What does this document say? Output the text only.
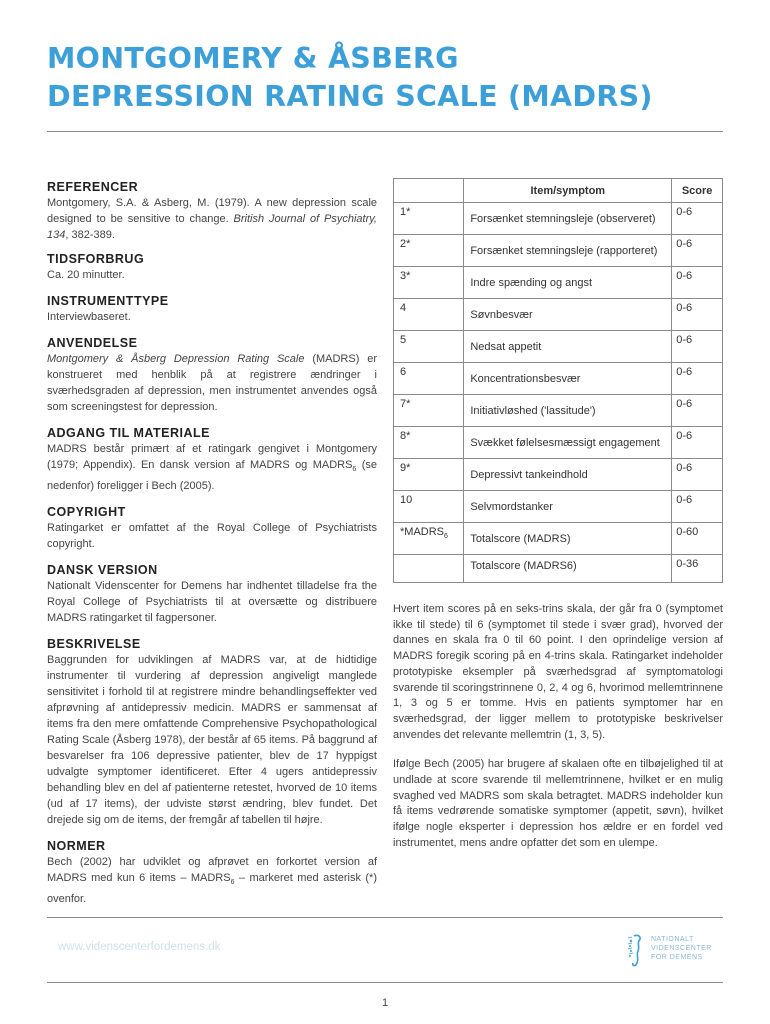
MONTGOMERY & ÅSBERG
DEPRESSION RATING SCALE (MADRS)
REFERENCER

Montgomery, S.A. & Asberg, M. (1979). A new depression scale designed to be sensitive to change. British Journal of Psychiatry, 134, 382-389.

TIDSFORBRUG

Ca. 20 minutter.

INSTRUMENTTYPE

Interviewbaseret.

ANVENDELSE

Montgomery & Åsberg Depression Rating Scale (MADRS) er konstrueret med henblik på at registrere ændringer i sværhedsgraden af depression, men instrumentet anvendes også som screeningstest for depression.

ADGANG TIL MATERIALE

MADRS består primært af et ratingark gengivet i Montgomery (1979; Appendix). En dansk version af MADRS og $MADRS_6$ (se nedenfor) foreligger i Bech (2005).

COPYRIGHT

Ratingarket er omfattet af the Royal College of Psychiatrists copyright.

DANSK VERSION

Nationalt Videnscenter for Demens har indhentet tilladelse fra the Royal College of Psychiatrists til at oversætte og distribuere MADRS ratingarket til fagpersoner.

BESKRIVELSE

Baggrunden for udviklingen af MADRS var, at de hidtidige instrumenter til vurdering af depression angiveligt manglede sensitivitet i forhold til at registrere mindre behandlingseffekter ved afprøvning af antidepressiv medicin. MADRS er sammensat af items fra den mere omfattende Comprehensive Psychopathological Rating Scale (Åsberg 1978), der består af 65 items. På baggrund af besvarelser fra 106 depressive patienter, blev de 17 hyppigst udvalgte symptomer identificeret. Efter 4 ugers antidepressiv behandling blev en del af patienterne retestet, hvorved de 10 items (ud af 17 items), der udviste størst ændring, blev fundet. Det drejede sig om de items, der fremgår af tabellen til højre.

NORMER

Bech (2002) har udviklet og afprøvet en forkortet version af MADRS med kun 6 items – $MADRS_6$ – markeret med asterisk (*) ovenfor.

	Item/symptom	Score
1*	Forsænket stemningsleje (observeret)	0-6
2*	Forsænket stemningsleje (rapporteret)	0-6
3*	Indre spænding og angst	0-6
4	Søvnbesvær	0-6
5	Nedsat appetit	0-6
6	Koncentrationsbesvær	0-6
7*	Initiativløshed ('lassitude')	0-6
8*	Svækket følelsesmæssigt engagement	0-6
9*	Depressivt tankeindhold	0-6
10	Selvmordstanker	0-6
$*MADRS_6$	Totalscore (MADRS)	0-60
	Totalscore (MADRS6)	0-36

Hvert item scores på en seks-trins skala, der går fra 0 (symptomet ikke til stede) til 6 (symptomet til stede i svær grad), hvorved der dannes en skala fra 0 til 60 point. I den oprindelige version af MADRS foregik scoring på en 4-trins skala. Ratingarket indeholder prototypiske eksempler på sværhedsgrad af symptomatologi svarende til scoringstrinnene 0, 2, 4 og 6, hvorimod mellemtrinnene 1, 3 og 5 er tomme. Hvis en patients symptomer har en sværhedsgrad, der ligger mellem to prototypiske beskrivelser anvendes det relevante mellemtrin (1, 3, 5).

Ifølge Bech (2005) har brugere af skalaen ofte en tilbøjelighed til at undlade at score svarende til mellemtrinnene, hvilket er en mulig svaghed ved MADRS som skala betragtet. MADRS indeholder kun få items vedrørende somatiske symptomer (appetit, søvn), hvilket ifølge nogle eksperter i depression hos ældre er en fordel ved instrumentet, mens andre opfatter det som en ulempe.

www.videnscenterfordemens.dk
NATIONALT
VIDENSCENTER
FOR DEMENS
1
